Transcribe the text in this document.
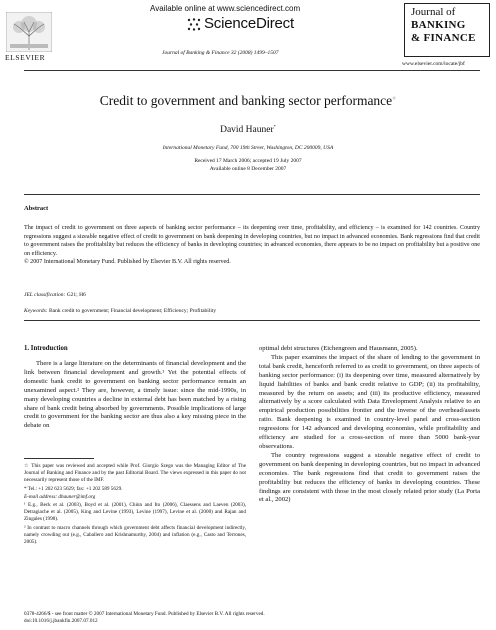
ELSEVIER
Available online at www.sciencedirect.com
ScienceDirect
Journal of Banking & Finance 32 (2008) 1499–1507
Journal of
BANKING
& FINANCE
www.elsevier.com/locate/jbf
Credit to government and banking sector performance☆
David Hauner*
International Monetary Fund, 700 19th Street, Washington, DC 200009, USA
Received 17 March 2006; accepted 19 July 2007
Available online 8 December 2007
Abstract
The impact of credit to government on three aspects of banking sector performance – its deepening over time, profitability, and efficiency – is examined for 142 countries. Country regressions suggest a sizeable negative effect of credit to government on bank deepening in developing countries, but no impact in advanced economies. Bank regressions find that credit to government raises the profitability but reduces the efficiency of banks in developing countries; in advanced economies, there appears to be no impact on profitability but a positive one on efficiency.
© 2007 International Monetary Fund. Published by Elsevier B.V. All rights reserved.
JEL classification: G21; H6
Keywords: Bank credit to government; Financial development; Efficiency; Profitability
1. Introduction

There is a large literature on the determinants of financial development and the link between financial development and growth.¹ Yet the potential effects of domestic bank credit to government on banking sector performance remain an unexamined aspect.² They are, however, a timely issue: since the mid-1990s, in many developing countries a decline in external debt has been matched by a rising share of bank credit being absorbed by governments. Possible implications of large credit to government for the banking sector are thus also a key missing piece in the debate on

☆ This paper was reviewed and accepted while Prof. Giorgio Szego was the Managing Editor of The Journal of Banking and Finance and by the past Editorial Board. The views expressed in this paper do not necessarily represent those of the IMF.

* Tel.: +1 202 623 5629; fax: +1 202 589 5629.

E-mail address: dhauner@imf.org

¹ E.g., Beck et al. (2003), Boyd et al. (2001), Chinn and Ito (2006), Claessens and Laeven (2003), Detragiache et al. (2005), King and Levine (1993), Levine (1997), Levine et al. (2000) and Rajan and Zingales (1998).

² In contrast to macro channels through which government debt affects financial development indirectly, namely crowding out (e.g., Caballero and Krishnamurthy, 2004) and inflation (e.g., Casto and Terrones, 2005).

optimal debt structures (Eichengreen and Hausmann, 2005).

This paper examines the impact of the share of lending to the government in total bank credit, henceforth referred to as credit to government, on three aspects of banking sector performance: (i) its deepening over time, measured alternatively by liquid liabilities of banks and bank credit relative to GDP; (ii) its profitability, measured by the return on assets; and (iii) its productive efficiency, measured alternatively by a score calculated with Data Envelopment Analysis relative to an empirical production possibilities frontier and the inverse of the overhead/assets ratio. Bank deepening is examined in country-level panel and cross-section regressions for 142 advanced and developing economies, while profitability and efficiency are studied for a cross-section of more than 5000 bank-year observations.

The country regressions suggest a sizeable negative effect of credit to government on bank deepening in developing countries, but no impact in advanced economies. The bank regressions find that credit to government raises the profitability but reduces the efficiency of banks in developing countries. These findings are consistent with those in the most closely related prior study (La Porta et al., 2002)

0378-4266/$ - see front matter © 2007 International Monetary Fund. Published by Elsevier B.V. All rights reserved.
doi:10.1016/j.jbankfin.2007.07.012
